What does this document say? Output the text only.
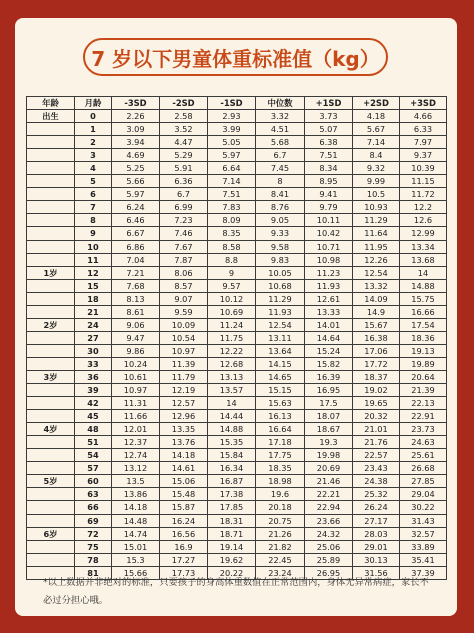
7 岁以下男童体重标准值（kg）
年龄	月龄	-3SD	-2SD	-1SD	中位数	+1SD	+2SD	+3SD
出生	0	2.26	2.58	2.93	3.32	3.73	4.18	4.66
	1	3.09	3.52	3.99	4.51	5.07	5.67	6.33
	2	3.94	4.47	5.05	5.68	6.38	7.14	7.97
	3	4.69	5.29	5.97	6.7	7.51	8.4	9.37
	4	5.25	5.91	6.64	7.45	8.34	9.32	10.39
	5	5.66	6.36	7.14	8	8.95	9.99	11.15
	6	5.97	6.7	7.51	8.41	9.41	10.5	11.72
	7	6.24	6.99	7.83	8.76	9.79	10.93	12.2
	8	6.46	7.23	8.09	9.05	10.11	11.29	12.6
	9	6.67	7.46	8.35	9.33	10.42	11.64	12.99
	10	6.86	7.67	8.58	9.58	10.71	11.95	13.34
	11	7.04	7.87	8.8	9.83	10.98	12.26	13.68
1岁	12	7.21	8.06	9	10.05	11.23	12.54	14
	15	7.68	8.57	9.57	10.68	11.93	13.32	14.88
	18	8.13	9.07	10.12	11.29	12.61	14.09	15.75
	21	8.61	9.59	10.69	11.93	13.33	14.9	16.66
2岁	24	9.06	10.09	11.24	12.54	14.01	15.67	17.54
	27	9.47	10.54	11.75	13.11	14.64	16.38	18.36
	30	9.86	10.97	12.22	13.64	15.24	17.06	19.13
	33	10.24	11.39	12.68	14.15	15.82	17.72	19.89
3岁	36	10.61	11.79	13.13	14.65	16.39	18.37	20.64
	39	10.97	12.19	13.57	15.15	16.95	19.02	21.39
	42	11.31	12.57	14	15.63	17.5	19.65	22.13
	45	11.66	12.96	14.44	16.13	18.07	20.32	22.91
4岁	48	12.01	13.35	14.88	16.64	18.67	21.01	23.73
	51	12.37	13.76	15.35	17.18	19.3	21.76	24.63
	54	12.74	14.18	15.84	17.75	19.98	22.57	25.61
	57	13.12	14.61	16.34	18.35	20.69	23.43	26.68
5岁	60	13.5	15.06	16.87	18.98	21.46	24.38	27.85
	63	13.86	15.48	17.38	19.6	22.21	25.32	29.04
	66	14.18	15.87	17.85	20.18	22.94	26.24	30.22
	69	14.48	16.24	18.31	20.75	23.66	27.17	31.43
6岁	72	14.74	16.56	18.71	21.26	24.32	28.03	32.57
	75	15.01	16.9	19.14	21.82	25.06	29.01	33.89
	78	15.3	17.27	19.62	22.45	25.89	30.13	35.41
	81	15.66	17.73	20.22	23.24	26.95	31.56	37.39
*以上数据并非绝对的标准，只要孩子的身高体重数值在正常范围内，身体无异常病症，家长不必过分担心哦。
